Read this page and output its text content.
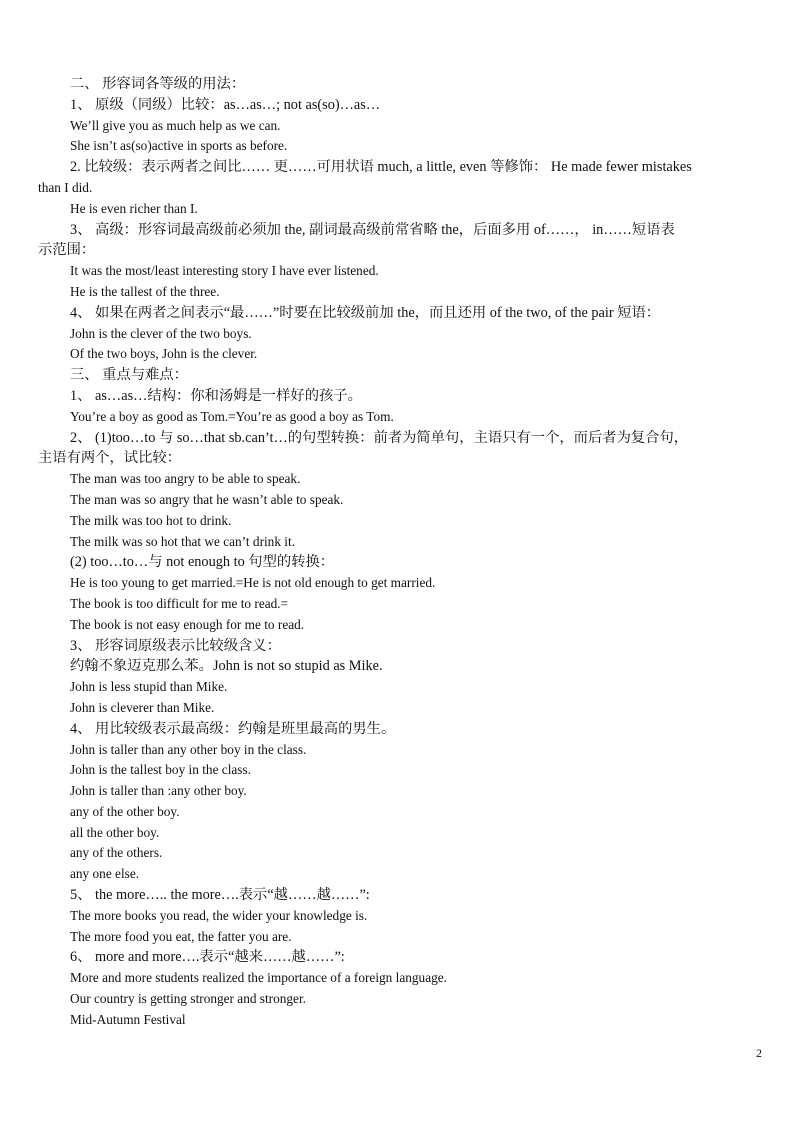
二、 形容词各等级的用法：
1、 原级（同级）比较：as…as…; not as(so)…as…
We’ll give you as much help as we can.
She isn’t as(so)active in sports as before.
2. 比较级：表示两者之间比…… 更……可用状语 much, a little, even 等修饰： He made fewer mistakes
than I did.
He is even richer than I.
3、 高级：形容词最高级前必须加 the, 副词最高级前常省略 the，后面多用 of……， in……短语表
示范围：
It was the most/least interesting story I have ever listened.
He is the tallest of the three.
4、 如果在两者之间表示“最……”时要在比较级前加 the，而且还用 of the two, of the pair 短语：
John is the clever of the two boys.
Of the two boys, John is the clever.
三、 重点与难点：
1、 as…as…结构：你和汤姆是一样好的孩子。
You’re a boy as good as Tom.=You’re as good a boy as Tom.
2、 (1)too…to 与 so…that sb.can’t…的句型转换：前者为简单句，主语只有一个，而后者为复合句，
主语有两个，试比较：
The man was too angry to be able to speak.
The man was so angry that he wasn’t able to speak.
The milk was too hot to drink.
The milk was so hot that we can’t drink it.
(2) too…to…与 not enough to 句型的转换：
He is too young to get married.=He is not old enough to get married.
The book is too difficult for me to read.=
The book is not easy enough for me to read.
3、 形容词原级表示比较级含义：
约翰不象迈克那么苯。John is not so stupid as Mike.
John is less stupid than Mike.
John is cleverer than Mike.
4、 用比较级表示最高级：约翰是班里最高的男生。
John is taller than any other boy in the class.
John is the tallest boy in the class.
John is taller than :any other boy.
any of the other boy.
all the other boy.
any of the others.
any one else.
5、 the more….. the more….表示“越……越……”:
The more books you read, the wider your knowledge is.
The more food you eat, the fatter you are.
6、 more and more….表示“越来……越……”:
More and more students realized the importance of a foreign language.
Our country is getting stronger and stronger.
Mid-Autumn Festival
2
